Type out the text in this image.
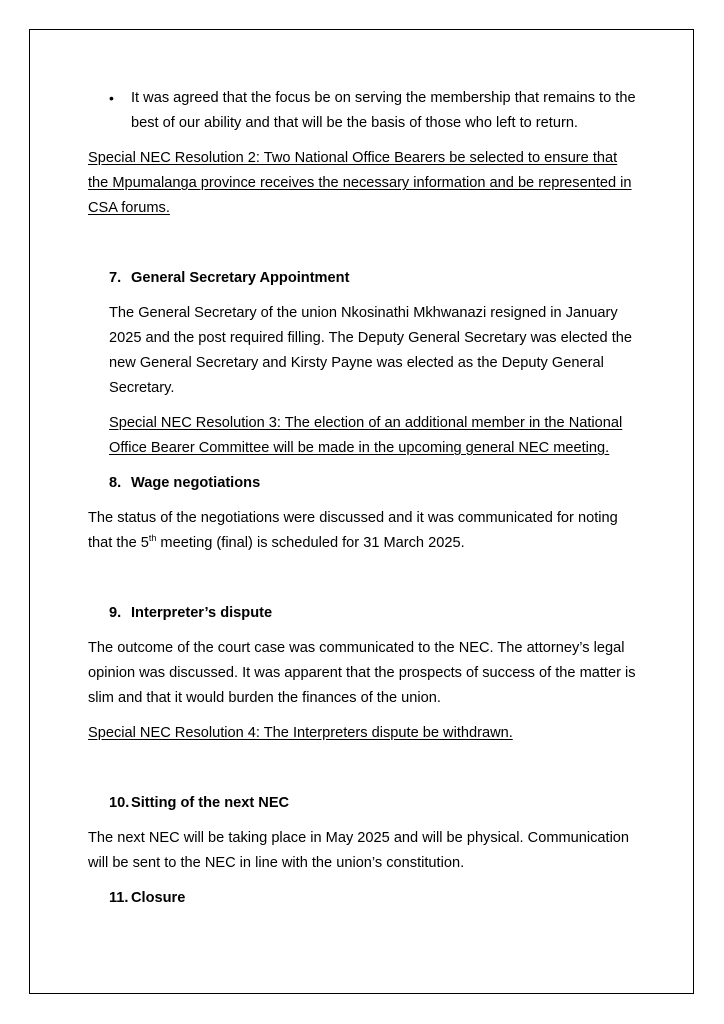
• It was agreed that the focus be on serving the membership that remains to the
best of our ability and that will be the basis of those who left to return.
Special NEC Resolution 2: Two National Office Bearers be selected to ensure that
the Mpumalanga province receives the necessary information and be represented in
CSA forums.
7. General Secretary Appointment
The General Secretary of the union Nkosinathi Mkhwanazi resigned in January
2025 and the post required filling. The Deputy General Secretary was elected the
new General Secretary and Kirsty Payne was elected as the Deputy General
Secretary.
Special NEC Resolution 3: The election of an additional member in the National
Office Bearer Committee will be made in the upcoming general NEC meeting.
8. Wage negotiations
The status of the negotiations were discussed and it was communicated for noting
that the 5th meeting (final) is scheduled for 31 March 2025.
9. Interpreter’s dispute
The outcome of the court case was communicated to the NEC. The attorney’s legal
opinion was discussed. It was apparent that the prospects of success of the matter is
slim and that it would burden the finances of the union.
Special NEC Resolution 4: The Interpreters dispute be withdrawn.
10. Sitting of the next NEC
The next NEC will be taking place in May 2025 and will be physical. Communication
will be sent to the NEC in line with the union’s constitution.
11. Closure
